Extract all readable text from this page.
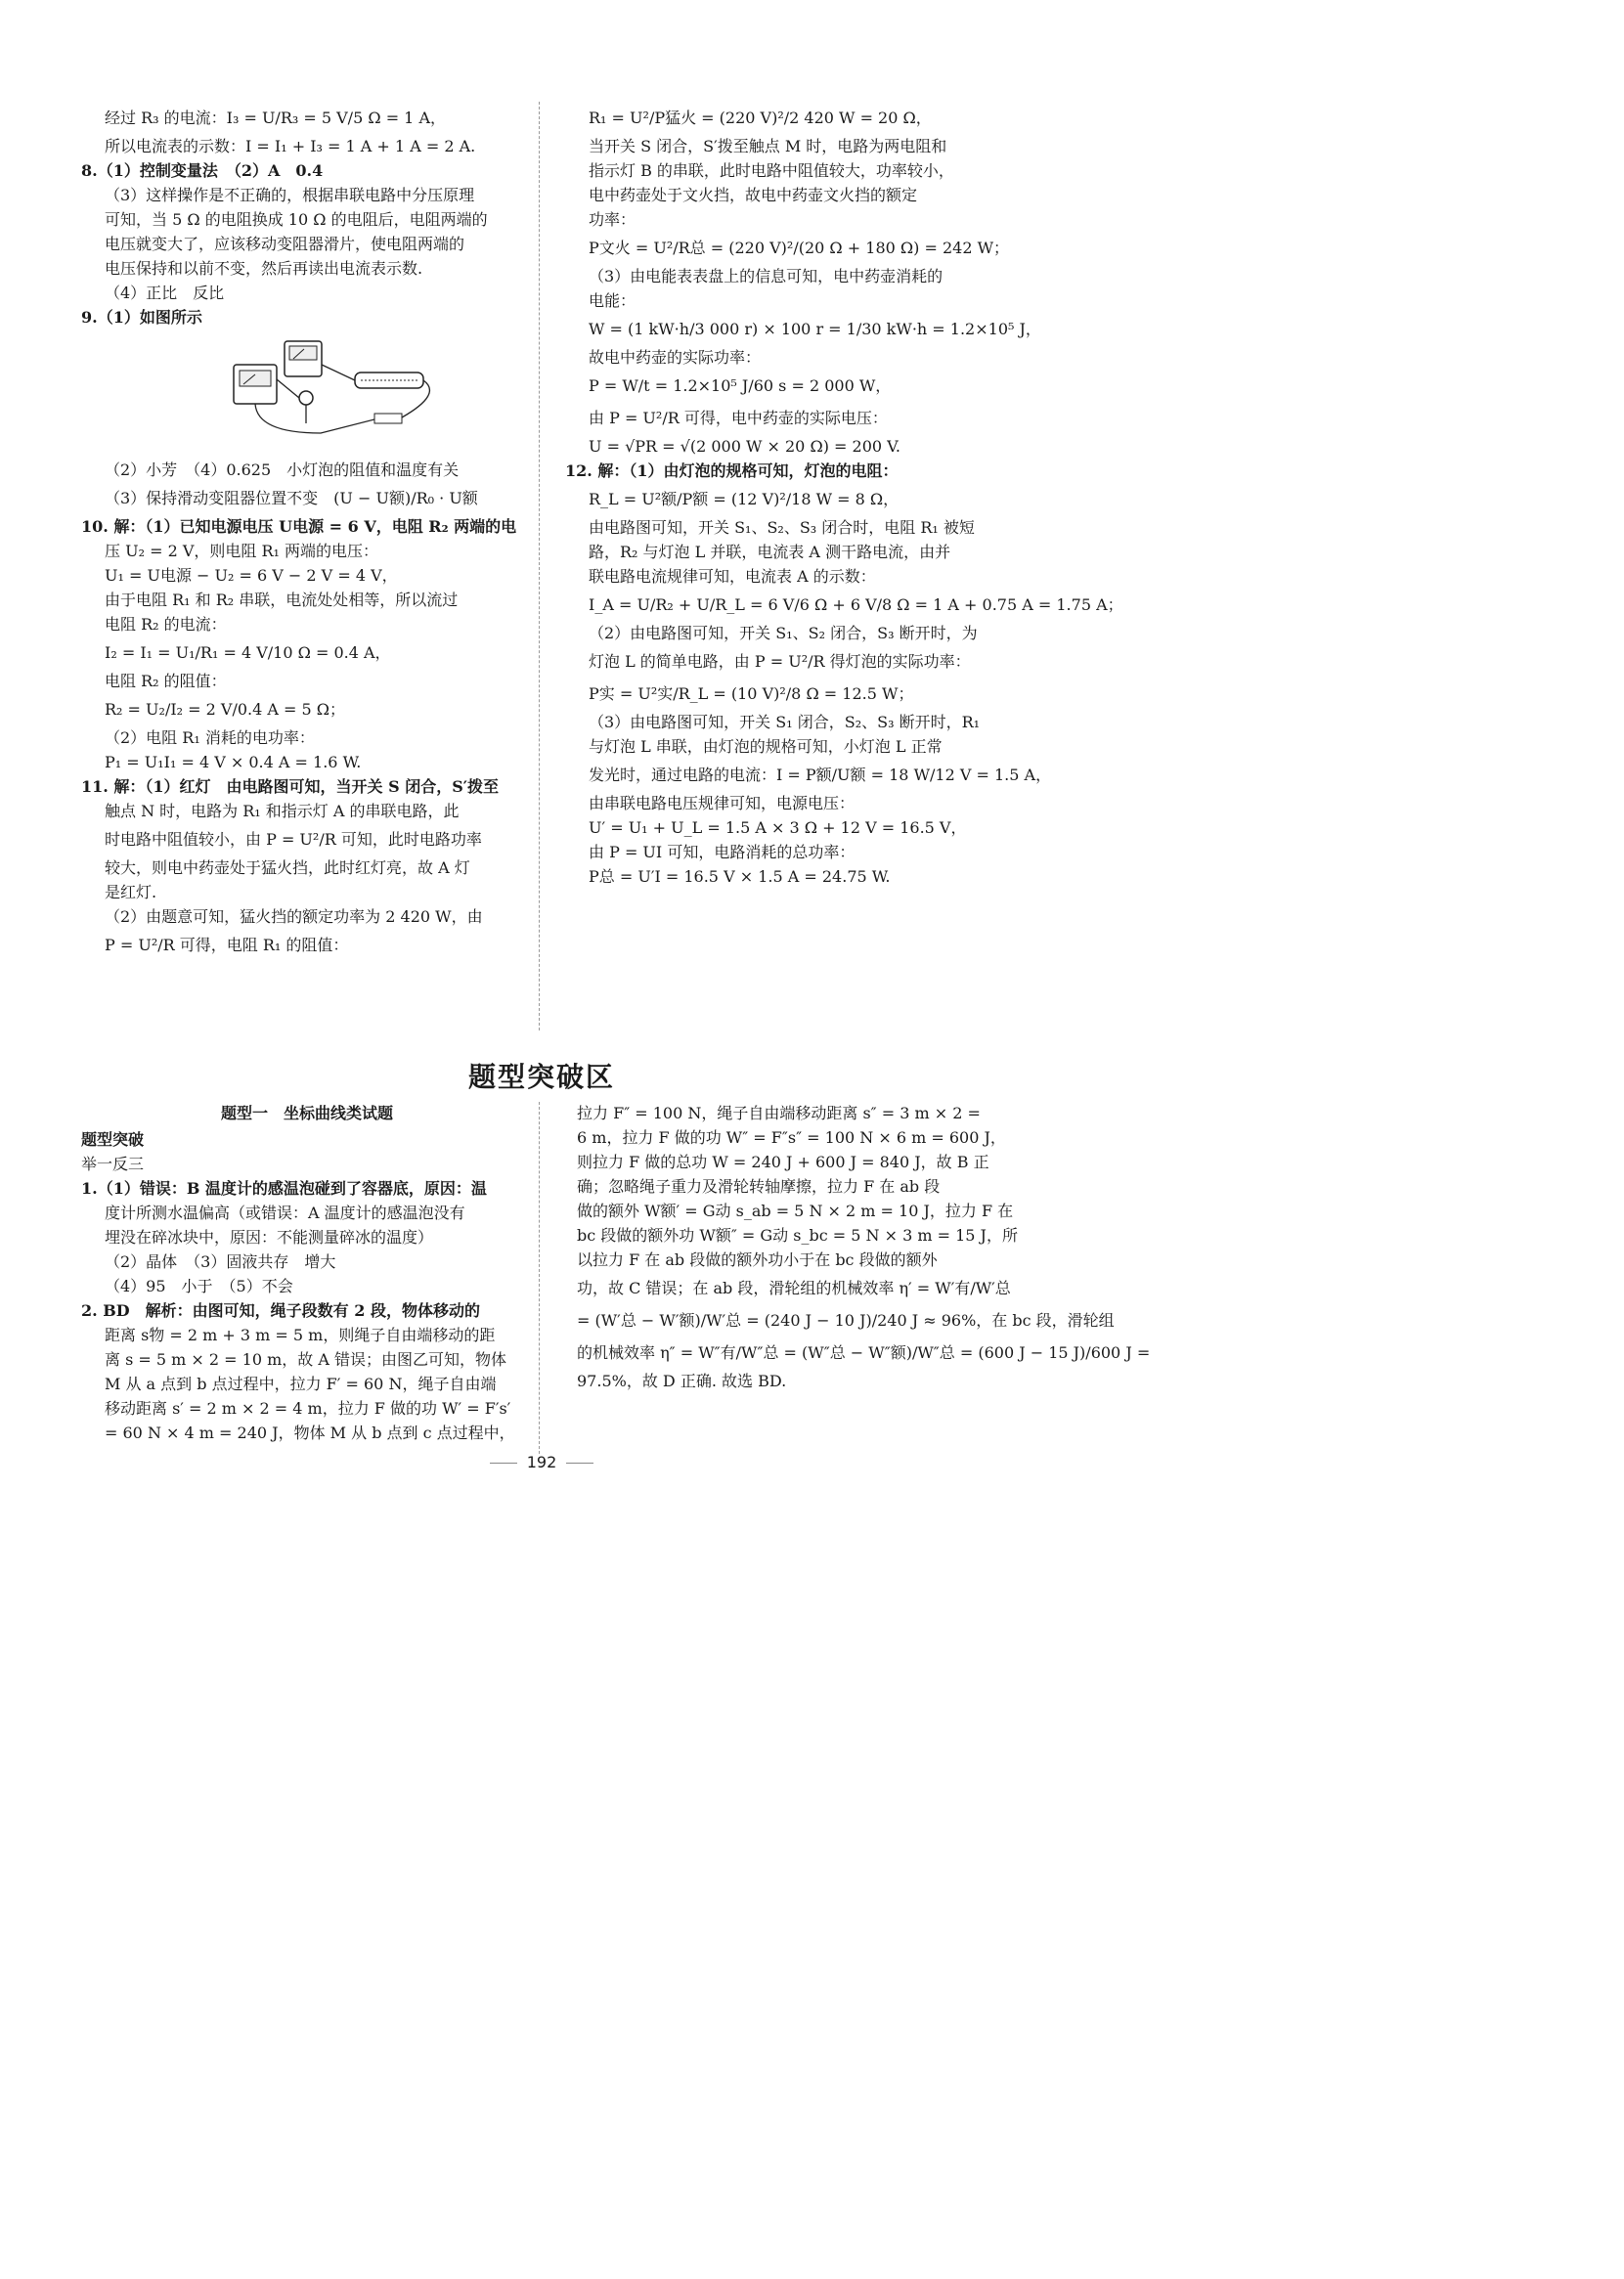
经过 R₃ 的电流：I₃ = U/R₃ = 5 V/5 Ω = 1 A，
所以电流表的示数：I = I₁ + I₃ = 1 A + 1 A = 2 A.
8.（1）控制变量法　（2）A　0.4
（3）这样操作是不正确的，根据串联电路中分压原理
可知，当 5 Ω 的电阻换成 10 Ω 的电阻后，电阻两端的
电压就变大了，应该移动变阻器滑片，使电阻两端的
电压保持和以前不变，然后再读出电流表示数.
（4）正比　反比
9.（1）如图所示
（2）小芳　（4）0.625　小灯泡的阻值和温度有关
（3）保持滑动变阻器位置不变　(U − U额)/R₀ · U额
10. 解：（1）已知电源电压 U电源 = 6 V，电阻 R₂ 两端的电
压 U₂ = 2 V，则电阻 R₁ 两端的电压：
U₁ = U电源 − U₂ = 6 V − 2 V = 4 V，
由于电阻 R₁ 和 R₂ 串联，电流处处相等，所以流过
电阻 R₂ 的电流：
I₂ = I₁ = U₁/R₁ = 4 V/10 Ω = 0.4 A，
电阻 R₂ 的阻值：
R₂ = U₂/I₂ = 2 V/0.4 A = 5 Ω；
（2）电阻 R₁ 消耗的电功率：
P₁ = U₁I₁ = 4 V × 0.4 A = 1.6 W.
11. 解：（1）红灯　由电路图可知，当开关 S 闭合，S′拨至
触点 N 时，电路为 R₁ 和指示灯 A 的串联电路，此
时电路中阻值较小，由 P = U²/R 可知，此时电路功率
较大，则电中药壶处于猛火挡，此时红灯亮，故 A 灯
是红灯.
（2）由题意可知，猛火挡的额定功率为 2 420 W，由
P = U²/R 可得，电阻 R₁ 的阻值：
R₁ = U²/P猛火 = (220 V)²/2 420 W = 20 Ω，
当开关 S 闭合，S′拨至触点 M 时，电路为两电阻和
指示灯 B 的串联，此时电路中阻值较大，功率较小，
电中药壶处于文火挡，故电中药壶文火挡的额定
功率：
P文火 = U²/R总 = (220 V)²/(20 Ω + 180 Ω) = 242 W；
（3）由电能表表盘上的信息可知，电中药壶消耗的
电能：
W = (1 kW·h/3 000 r) × 100 r = 1/30 kW·h = 1.2×10⁵ J，
故电中药壶的实际功率：
P = W/t = 1.2×10⁵ J/60 s = 2 000 W，
由 P = U²/R 可得，电中药壶的实际电压：
U = √PR = √(2 000 W × 20 Ω) = 200 V.
12. 解：（1）由灯泡的规格可知，灯泡的电阻：
R_L = U²额/P额 = (12 V)²/18 W = 8 Ω，
由电路图可知，开关 S₁、S₂、S₃ 闭合时，电阻 R₁ 被短
路，R₂ 与灯泡 L 并联，电流表 A 测干路电流，由并
联电路电流规律可知，电流表 A 的示数：
I_A = U/R₂ + U/R_L = 6 V/6 Ω + 6 V/8 Ω = 1 A + 0.75 A = 1.75 A；
（2）由电路图可知，开关 S₁、S₂ 闭合，S₃ 断开时，为
灯泡 L 的简单电路，由 P = U²/R 得灯泡的实际功率：
P实 = U²实/R_L = (10 V)²/8 Ω = 12.5 W；
（3）由电路图可知，开关 S₁ 闭合，S₂、S₃ 断开时，R₁
与灯泡 L 串联，由灯泡的规格可知，小灯泡 L 正常
发光时，通过电路的电流：I = P额/U额 = 18 W/12 V = 1.5 A，
由串联电路电压规律可知，电源电压：
U′ = U₁ + U_L = 1.5 A × 3 Ω + 12 V = 16.5 V，
由 P = UI 可知，电路消耗的总功率：
P总 = U′I = 16.5 V × 1.5 A = 24.75 W.
题型突破区
题型一　坐标曲线类试题
题型突破
举一反三
1.（1）错误：B 温度计的感温泡碰到了容器底，原因：温
度计所测水温偏高（或错误：A 温度计的感温泡没有
埋没在碎冰块中，原因：不能测量碎冰的温度）
（2）晶体　（3）固液共存　增大
（4）95　小于　（5）不会
2. BD　解析：由图可知，绳子段数有 2 段，物体移动的
距离 s物 = 2 m + 3 m = 5 m，则绳子自由端移动的距
离 s = 5 m × 2 = 10 m，故 A 错误；由图乙可知，物体
M 从 a 点到 b 点过程中，拉力 F′ = 60 N，绳子自由端
移动距离 s′ = 2 m × 2 = 4 m，拉力 F 做的功 W′ = F′s′
= 60 N × 4 m = 240 J，物体 M 从 b 点到 c 点过程中，
拉力 F″ = 100 N，绳子自由端移动距离 s″ = 3 m × 2 =
6 m，拉力 F 做的功 W″ = F″s″ = 100 N × 6 m = 600 J，
则拉力 F 做的总功 W = 240 J + 600 J = 840 J，故 B 正
确；忽略绳子重力及滑轮转轴摩擦，拉力 F 在 ab 段
做的额外 W额′ = G动 s_ab = 5 N × 2 m = 10 J，拉力 F 在
bc 段做的额外功 W额″ = G动 s_bc = 5 N × 3 m = 15 J，所
以拉力 F 在 ab 段做的额外功小于在 bc 段做的额外
功，故 C 错误；在 ab 段，滑轮组的机械效率 η′ = W′有/W′总
= (W′总 − W′额)/W′总 = (240 J − 10 J)/240 J ≈ 96%，在 bc 段，滑轮组
的机械效率 η″ = W″有/W″总 = (W″总 − W″额)/W″总 = (600 J − 15 J)/600 J =
97.5%，故 D 正确. 故选 BD.
192
